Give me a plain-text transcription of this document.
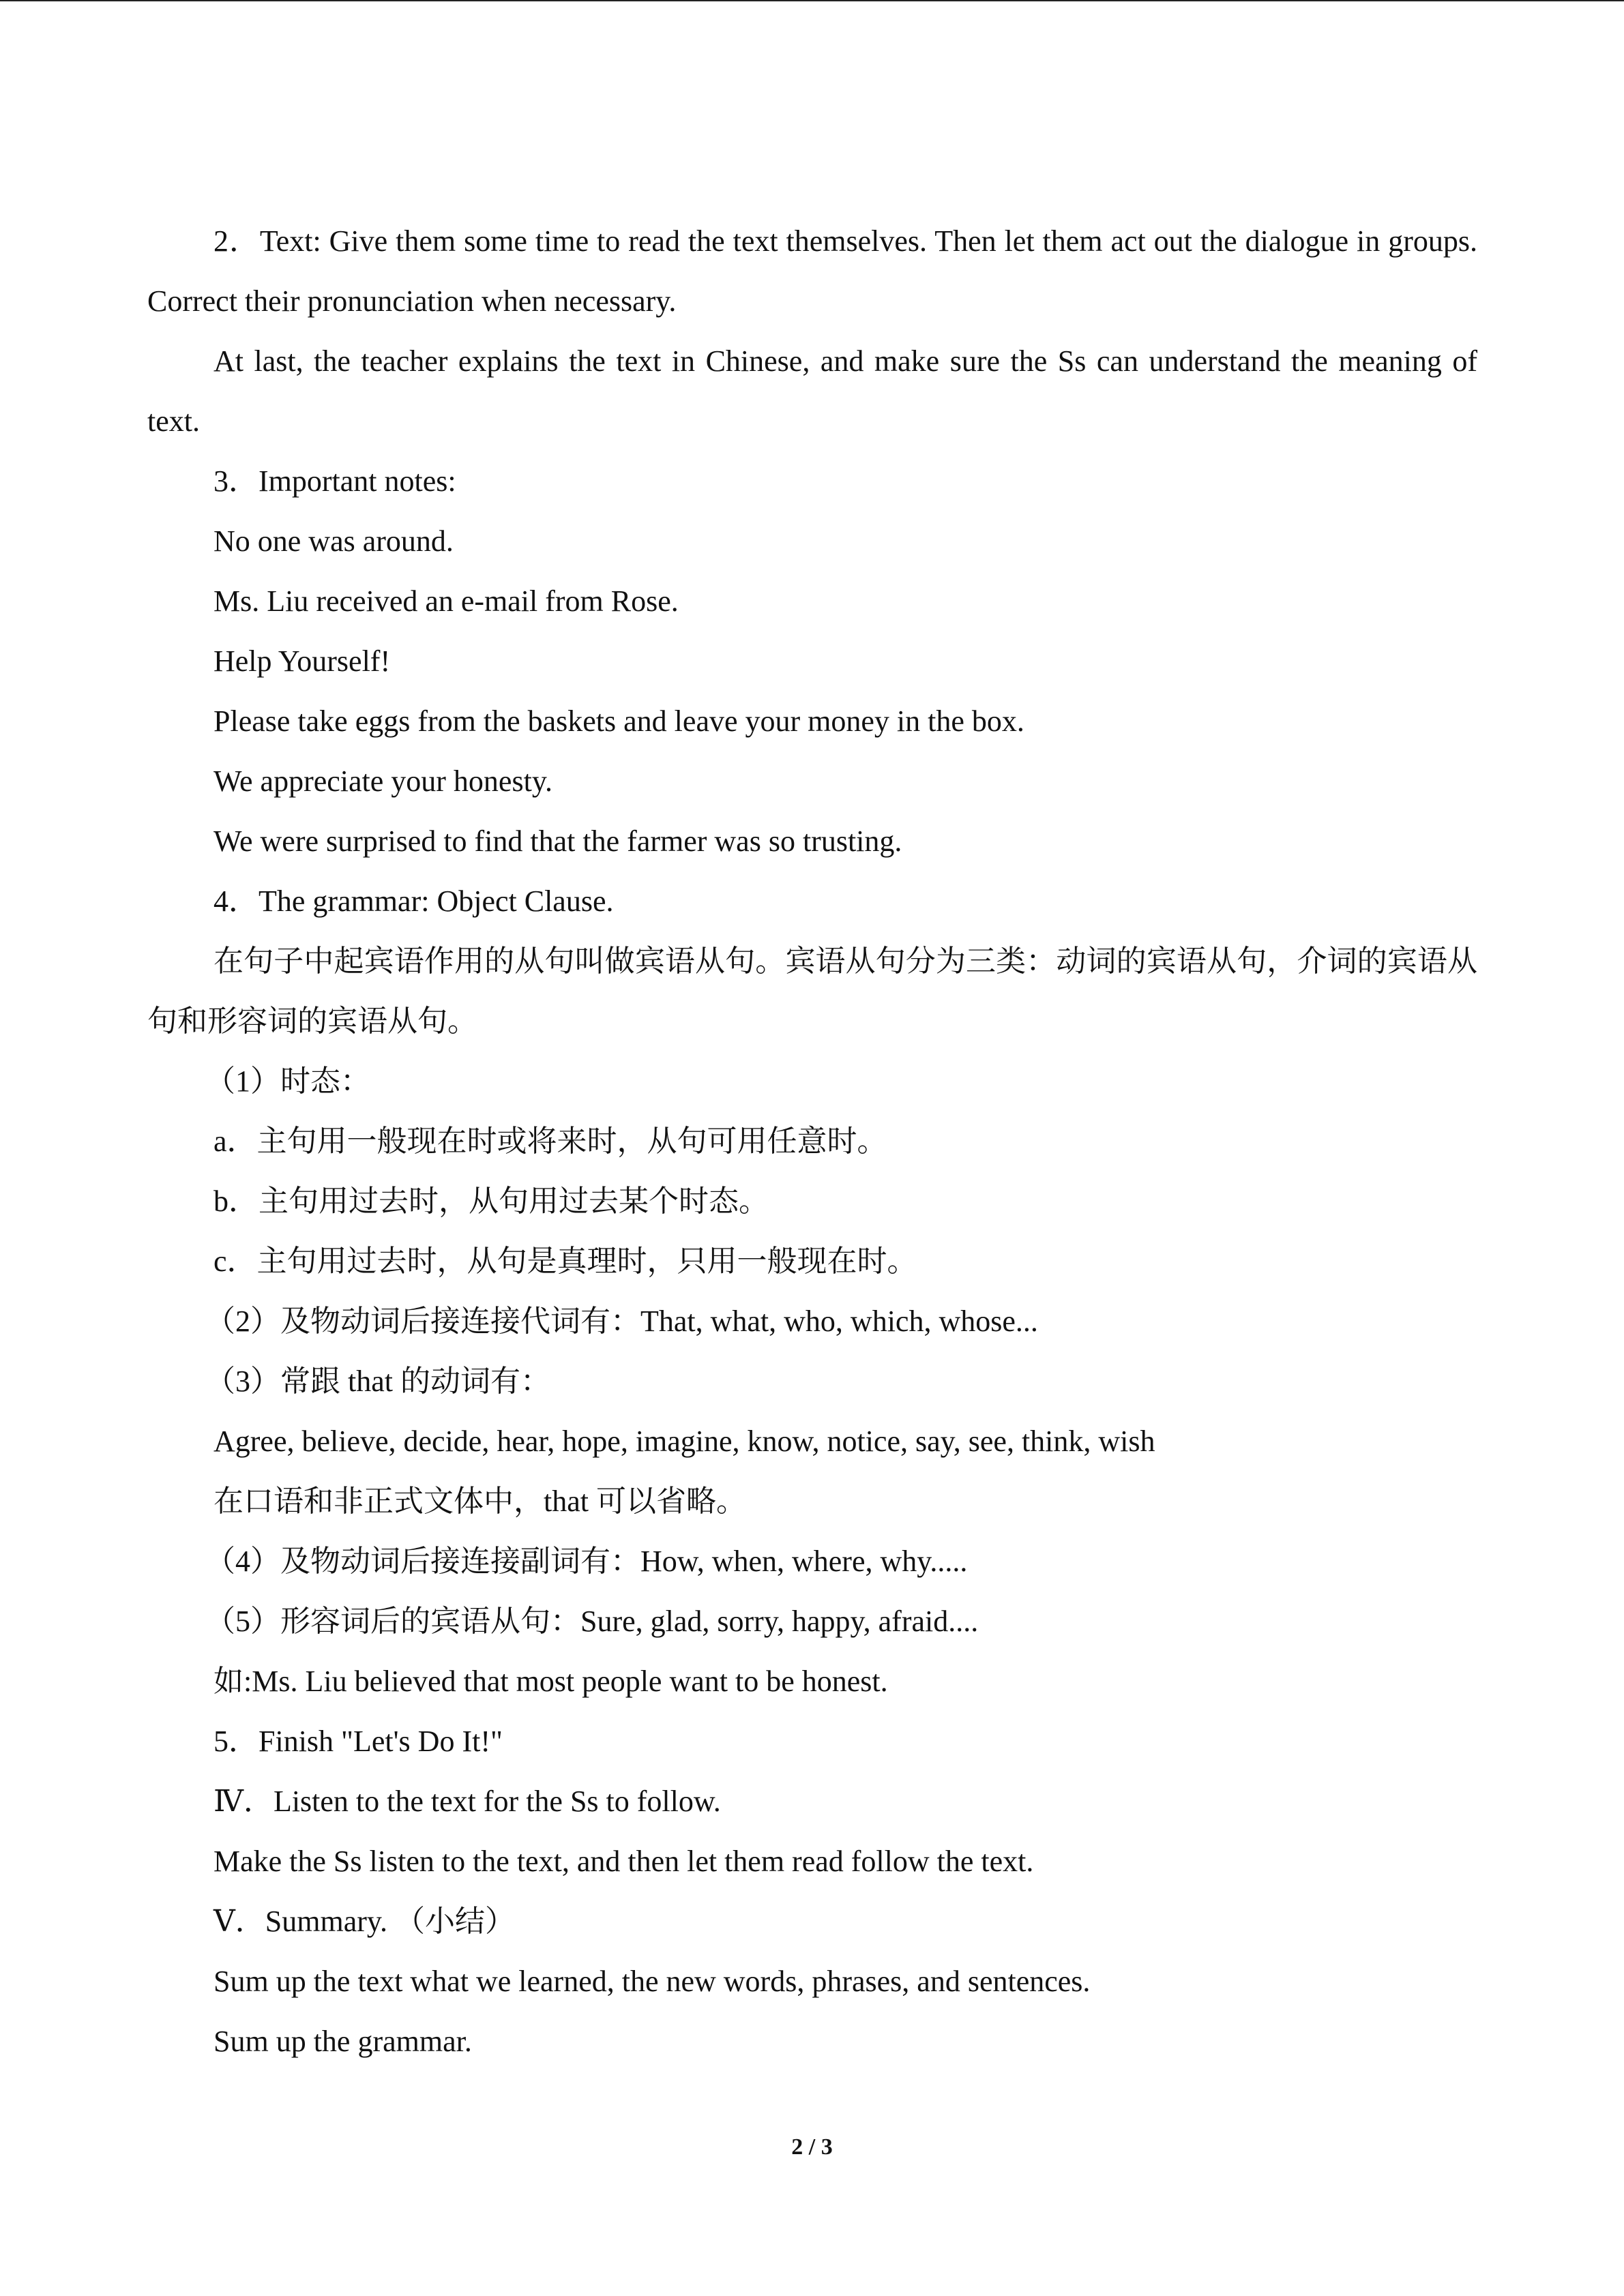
2．Text: Give them some time to read the text themselves. Then let them act out the dialogue in groups. Correct their pronunciation when necessary.

At last, the teacher explains the text in Chinese, and make sure the Ss can understand the meaning of text.

3．Important notes:
No one was around.
Ms. Liu received an e-mail from Rose.
Help Yourself!
Please take eggs from the baskets and leave your money in the box.
We appreciate your honesty.
We were surprised to find that the farmer was so trusting.
4．The grammar: Object Clause.

在句子中起宾语作用的从句叫做宾语从句。宾语从句分为三类：动词的宾语从句，介词的宾语从句和形容词的宾语从句。

（1）时态：
a．主句用一般现在时或将来时，从句可用任意时。
b．主句用过去时，从句用过去某个时态。
c．主句用过去时，从句是真理时，只用一般现在时。
（2）及物动词后接连接代词有：That, what, who, which, whose...
（3）常跟 that 的动词有：
Agree, believe, decide, hear, hope, imagine, know, notice, say, see, think, wish
在口语和非正式文体中，that 可以省略。
（4）及物动词后接连接副词有：How, when, where, why.....
（5）形容词后的宾语从句：Sure, glad, sorry, happy, afraid....
如:Ms. Liu believed that most people want to be honest.
5．Finish "Let's Do It!"
Ⅳ．Listen to the text for the Ss to follow.
Make the Ss listen to the text, and then let them read follow the text.
Ⅴ．Summary. （小结）
Sum up the text what we learned, the new words, phrases, and sentences.
Sum up the grammar.
2 / 3
